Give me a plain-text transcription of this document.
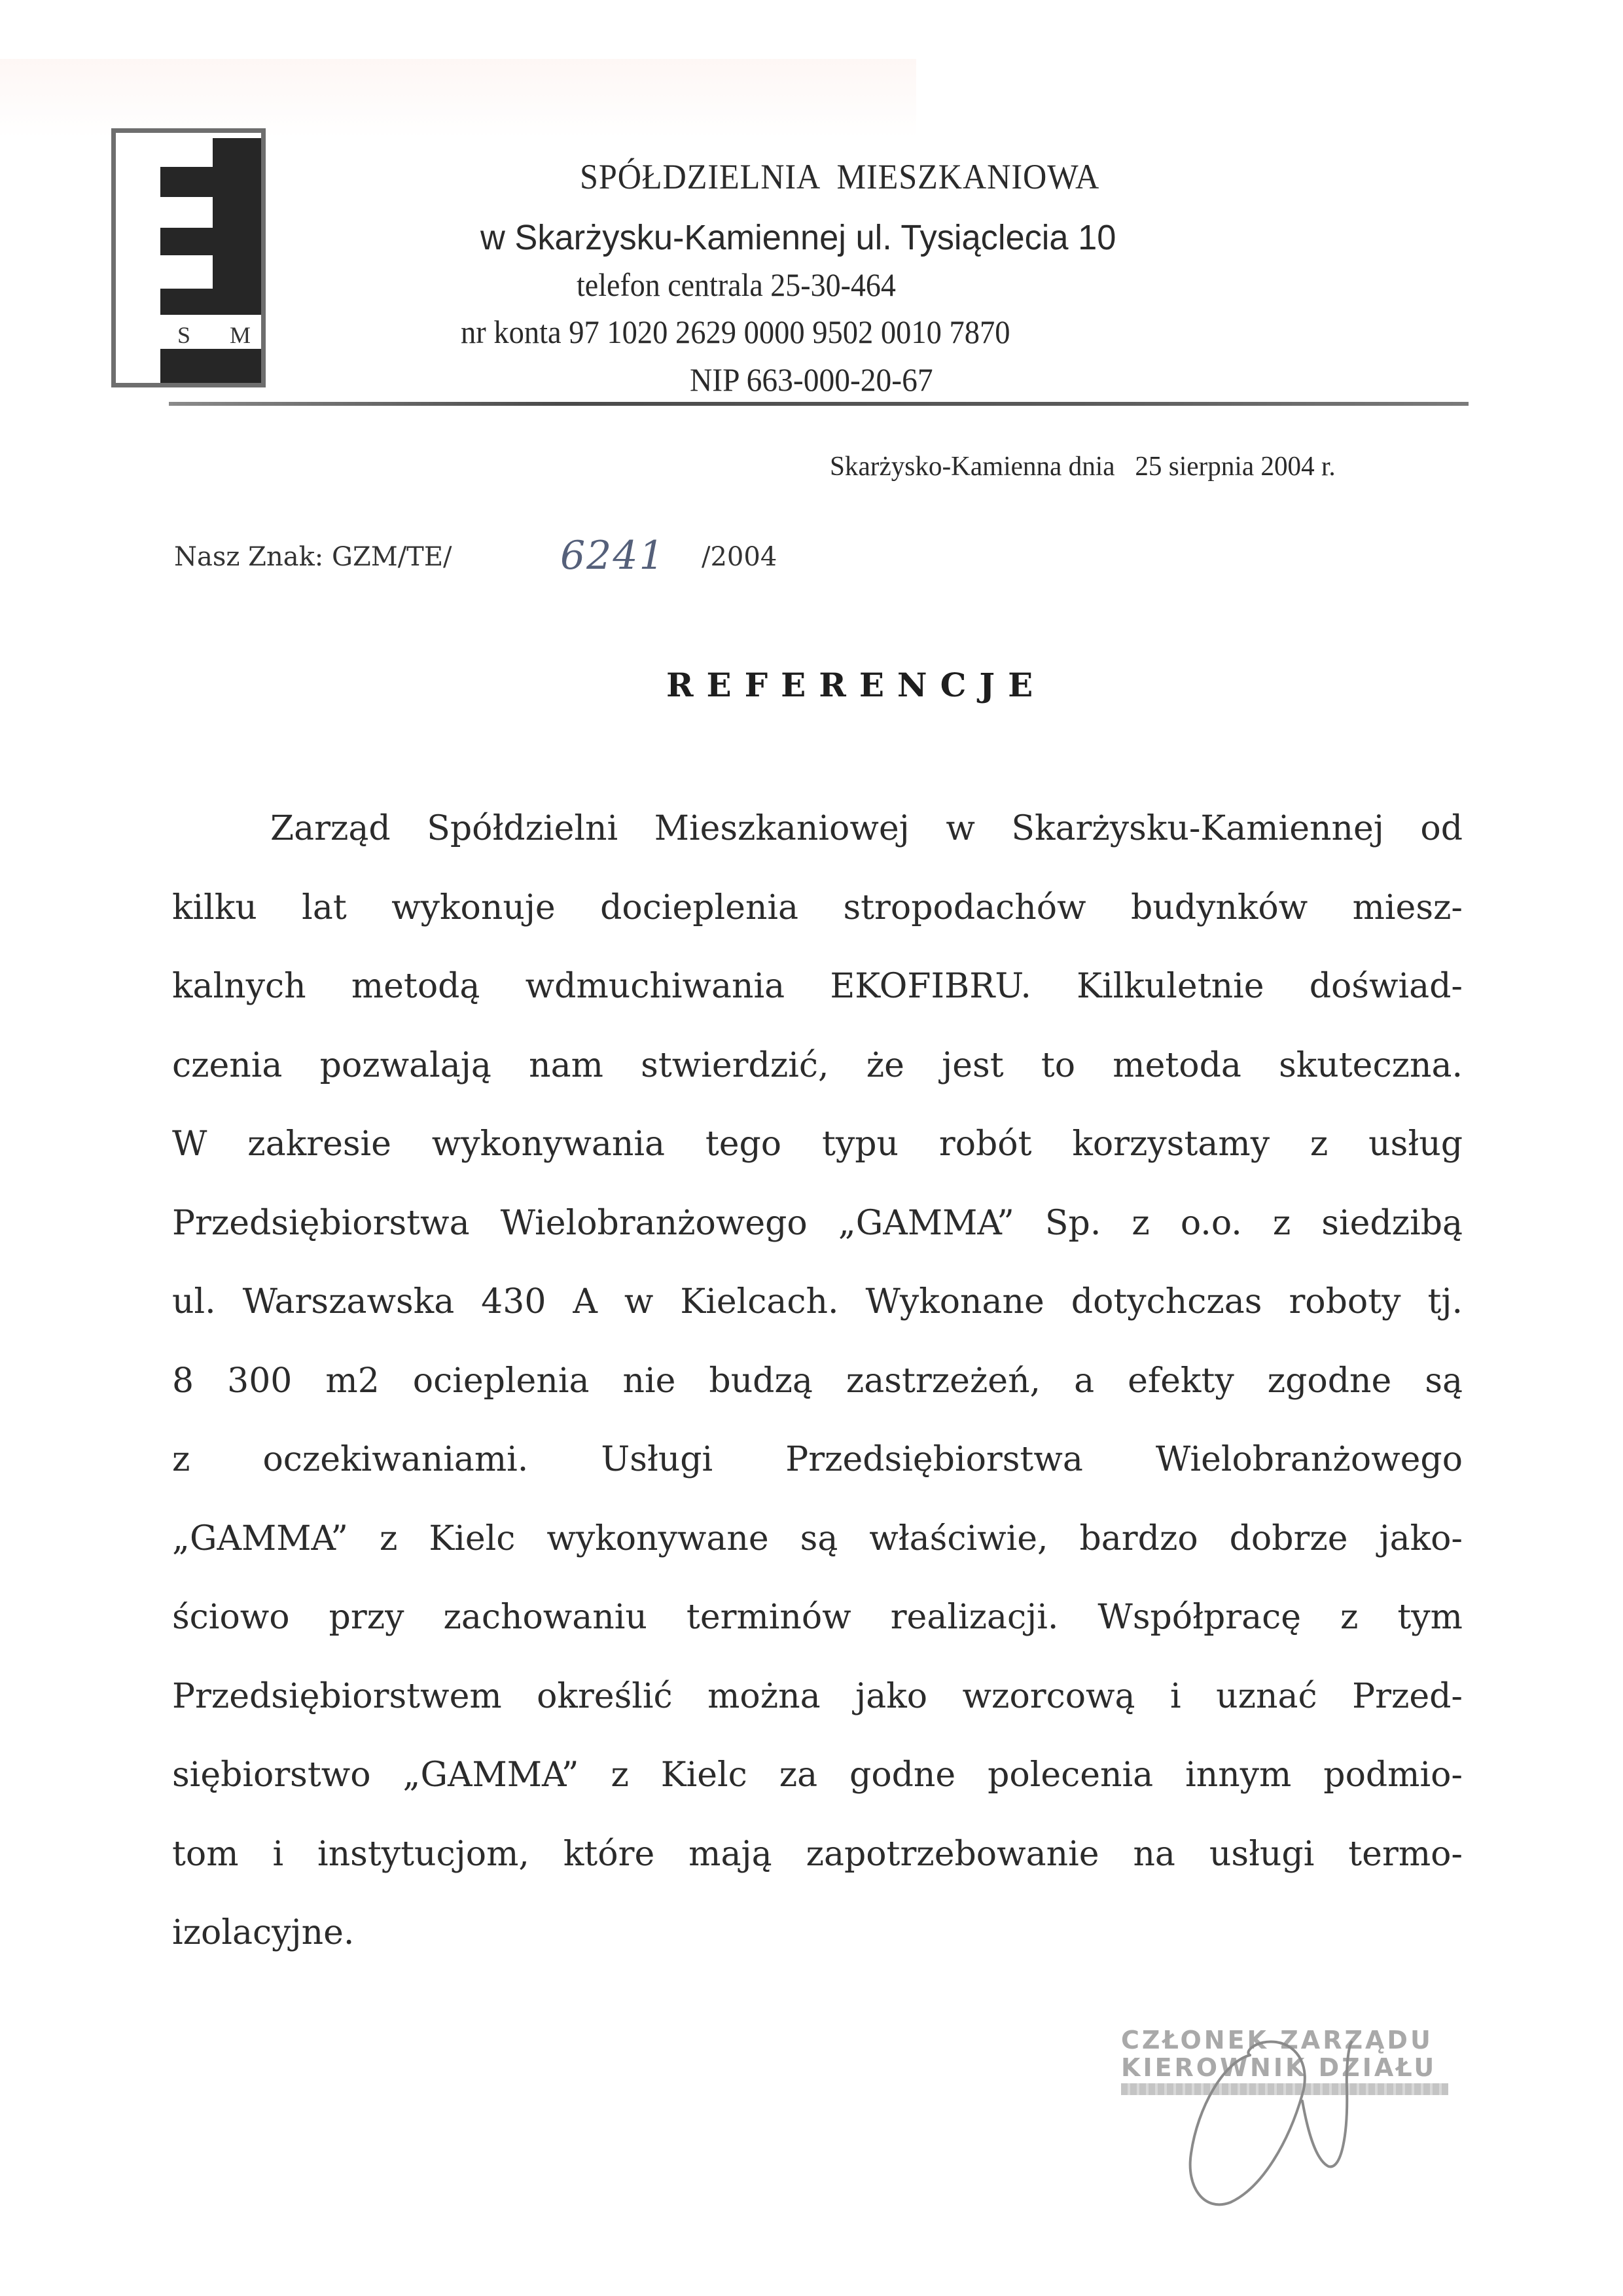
S M
SPÓŁDZIELNIA  MIESZKANIOWA
w Skarżysku-Kamiennej ul. Tysiąclecia 10
telefon centrala 25-30-464
nr konta 97 1020 2629 0000 9502 0010 7870
NIP 663-000-20-67
Skarżysko-Kamienna dnia   25 sierpnia 2004 r.
Nasz Znak: GZM/TE/	6241 /2004
REFERENCJE
Zarząd Spółdzielni Mieszkaniowej w Skarżysku-Kamiennej od
kilku lat wykonuje docieplenia stropodachów budynków miesz-
kalnych metodą wdmuchiwania EKOFIBRU. Kilkuletnie doświad-
czenia pozwalają nam stwierdzić, że jest to metoda skuteczna.
W zakresie wykonywania tego typu robót korzystamy z usług
Przedsiębiorstwa Wielobranżowego „GAMMA” Sp. z o.o. z siedzibą
ul. Warszawska 430 A w Kielcach. Wykonane dotychczas roboty tj.
8 300 m2 ocieplenia nie budzą zastrzeżeń, a efekty zgodne są
z oczekiwaniami. Usługi Przedsiębiorstwa Wielobranżowego
„GAMMA” z Kielc wykonywane są właściwie, bardzo dobrze jako-
ściowo przy zachowaniu terminów realizacji. Współpracę z tym
Przedsiębiorstwem określić można jako wzorcową i uznać Przed-
siębiorstwo „GAMMA” z Kielc za godne polecenia innym podmio-
tom i instytucjom, które mają zapotrzebowanie na usługi termo-
izolacyjne.
CZŁONEK ZARZĄDU
KIEROWNIK DZIAŁU
